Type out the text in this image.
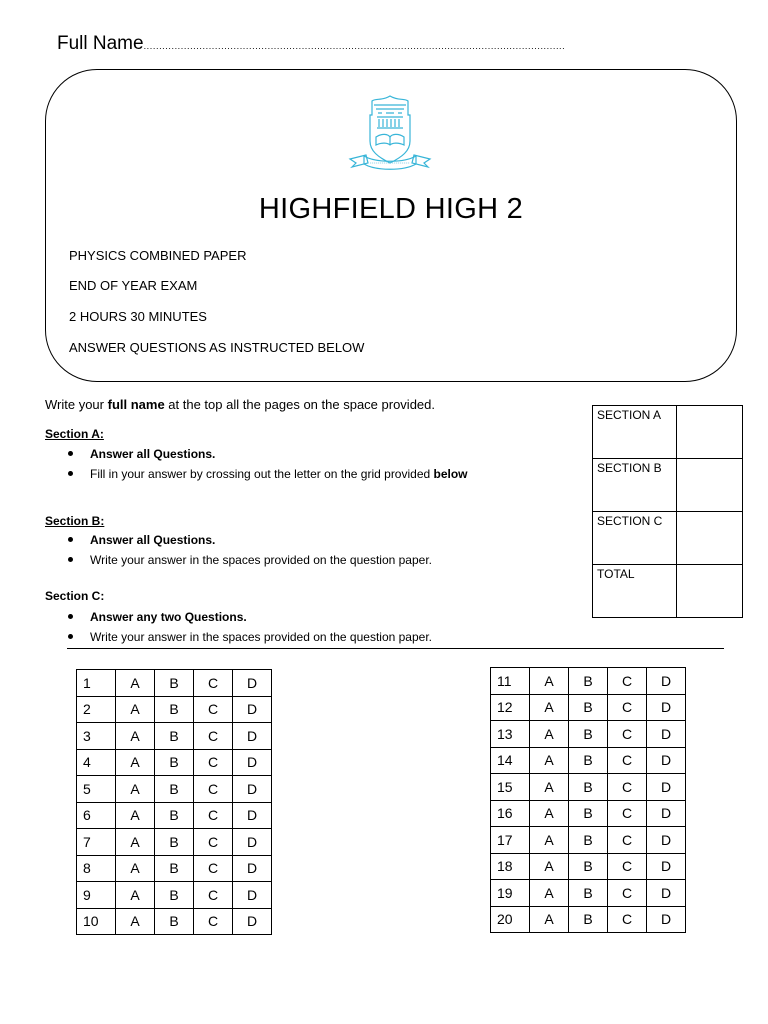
Full Name........................................................................................................................................
HIGHFIELD HIGH 2
PHYSICS COMBINED PAPER
END OF YEAR EXAM
2 HOURS 30 MINUTES
ANSWER QUESTIONS AS INSTRUCTED BELOW
Write your full name at the top all the pages on the space provided.
Section A:
Answer all Questions.
Fill in your answer by crossing out the letter on the grid provided below
Section B:
Answer all Questions.
Write your answer in the spaces provided on the question paper.
Section C:
Answer any two Questions.
Write your answer in the spaces provided on the question paper.
SECTION A	
SECTION B	
SECTION C	
TOTAL	
1	A	B	C	D
2	A	B	C	D
3	A	B	C	D
4	A	B	C	D
5	A	B	C	D
6	A	B	C	D
7	A	B	C	D
8	A	B	C	D
9	A	B	C	D
10	A	B	C	D
11	A	B	C	D
12	A	B	C	D
13	A	B	C	D
14	A	B	C	D
15	A	B	C	D
16	A	B	C	D
17	A	B	C	D
18	A	B	C	D
19	A	B	C	D
20	A	B	C	D
